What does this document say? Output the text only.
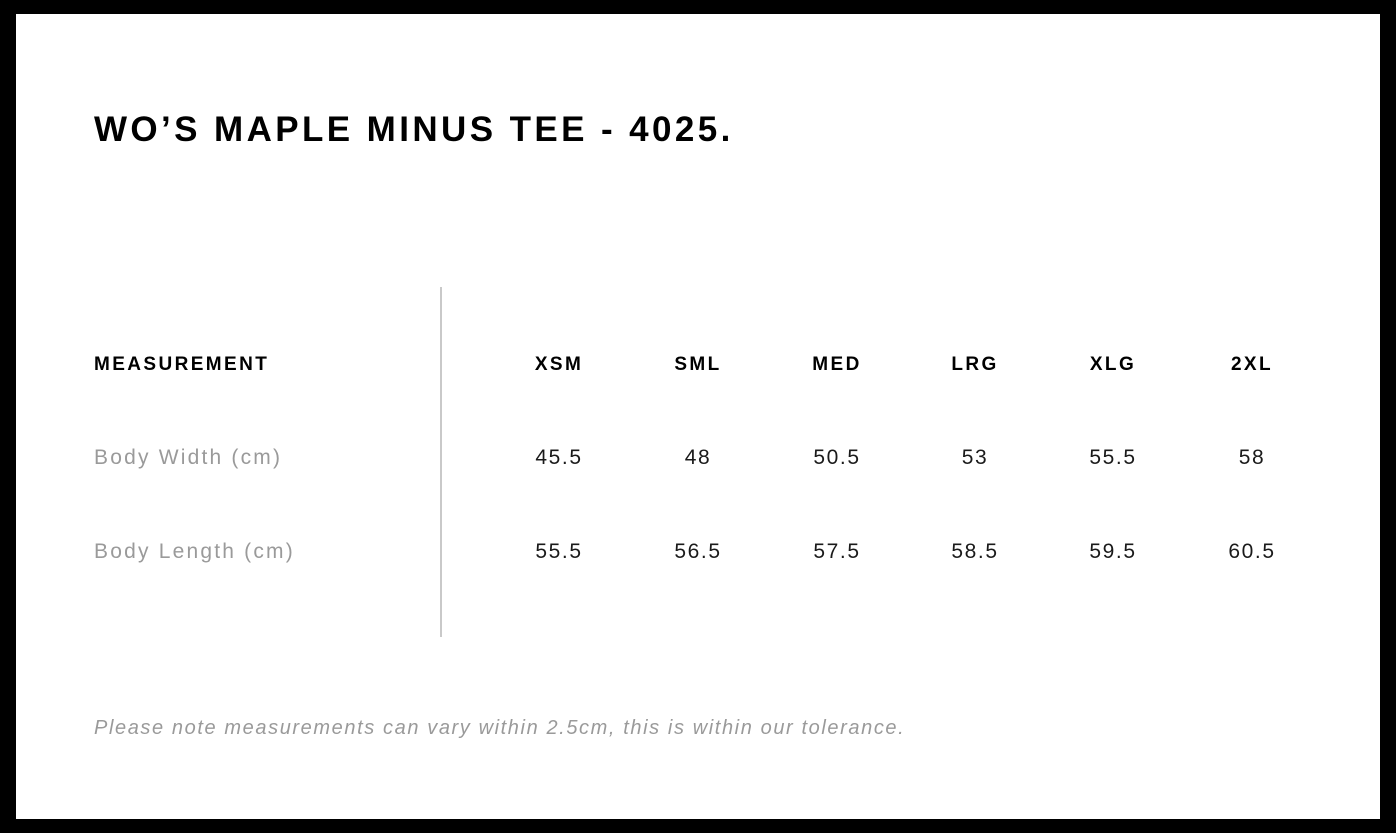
WO’S MAPLE MINUS TEE - 4025.
MEASUREMENT	XSM	SML	MED	LRG	XLG	2XL
Body Width (cm)	45.5	48	50.5	53	55.5	58
Body Length (cm)	55.5	56.5	57.5	58.5	59.5	60.5
Please note measurements can vary within 2.5cm, this is within our tolerance.
